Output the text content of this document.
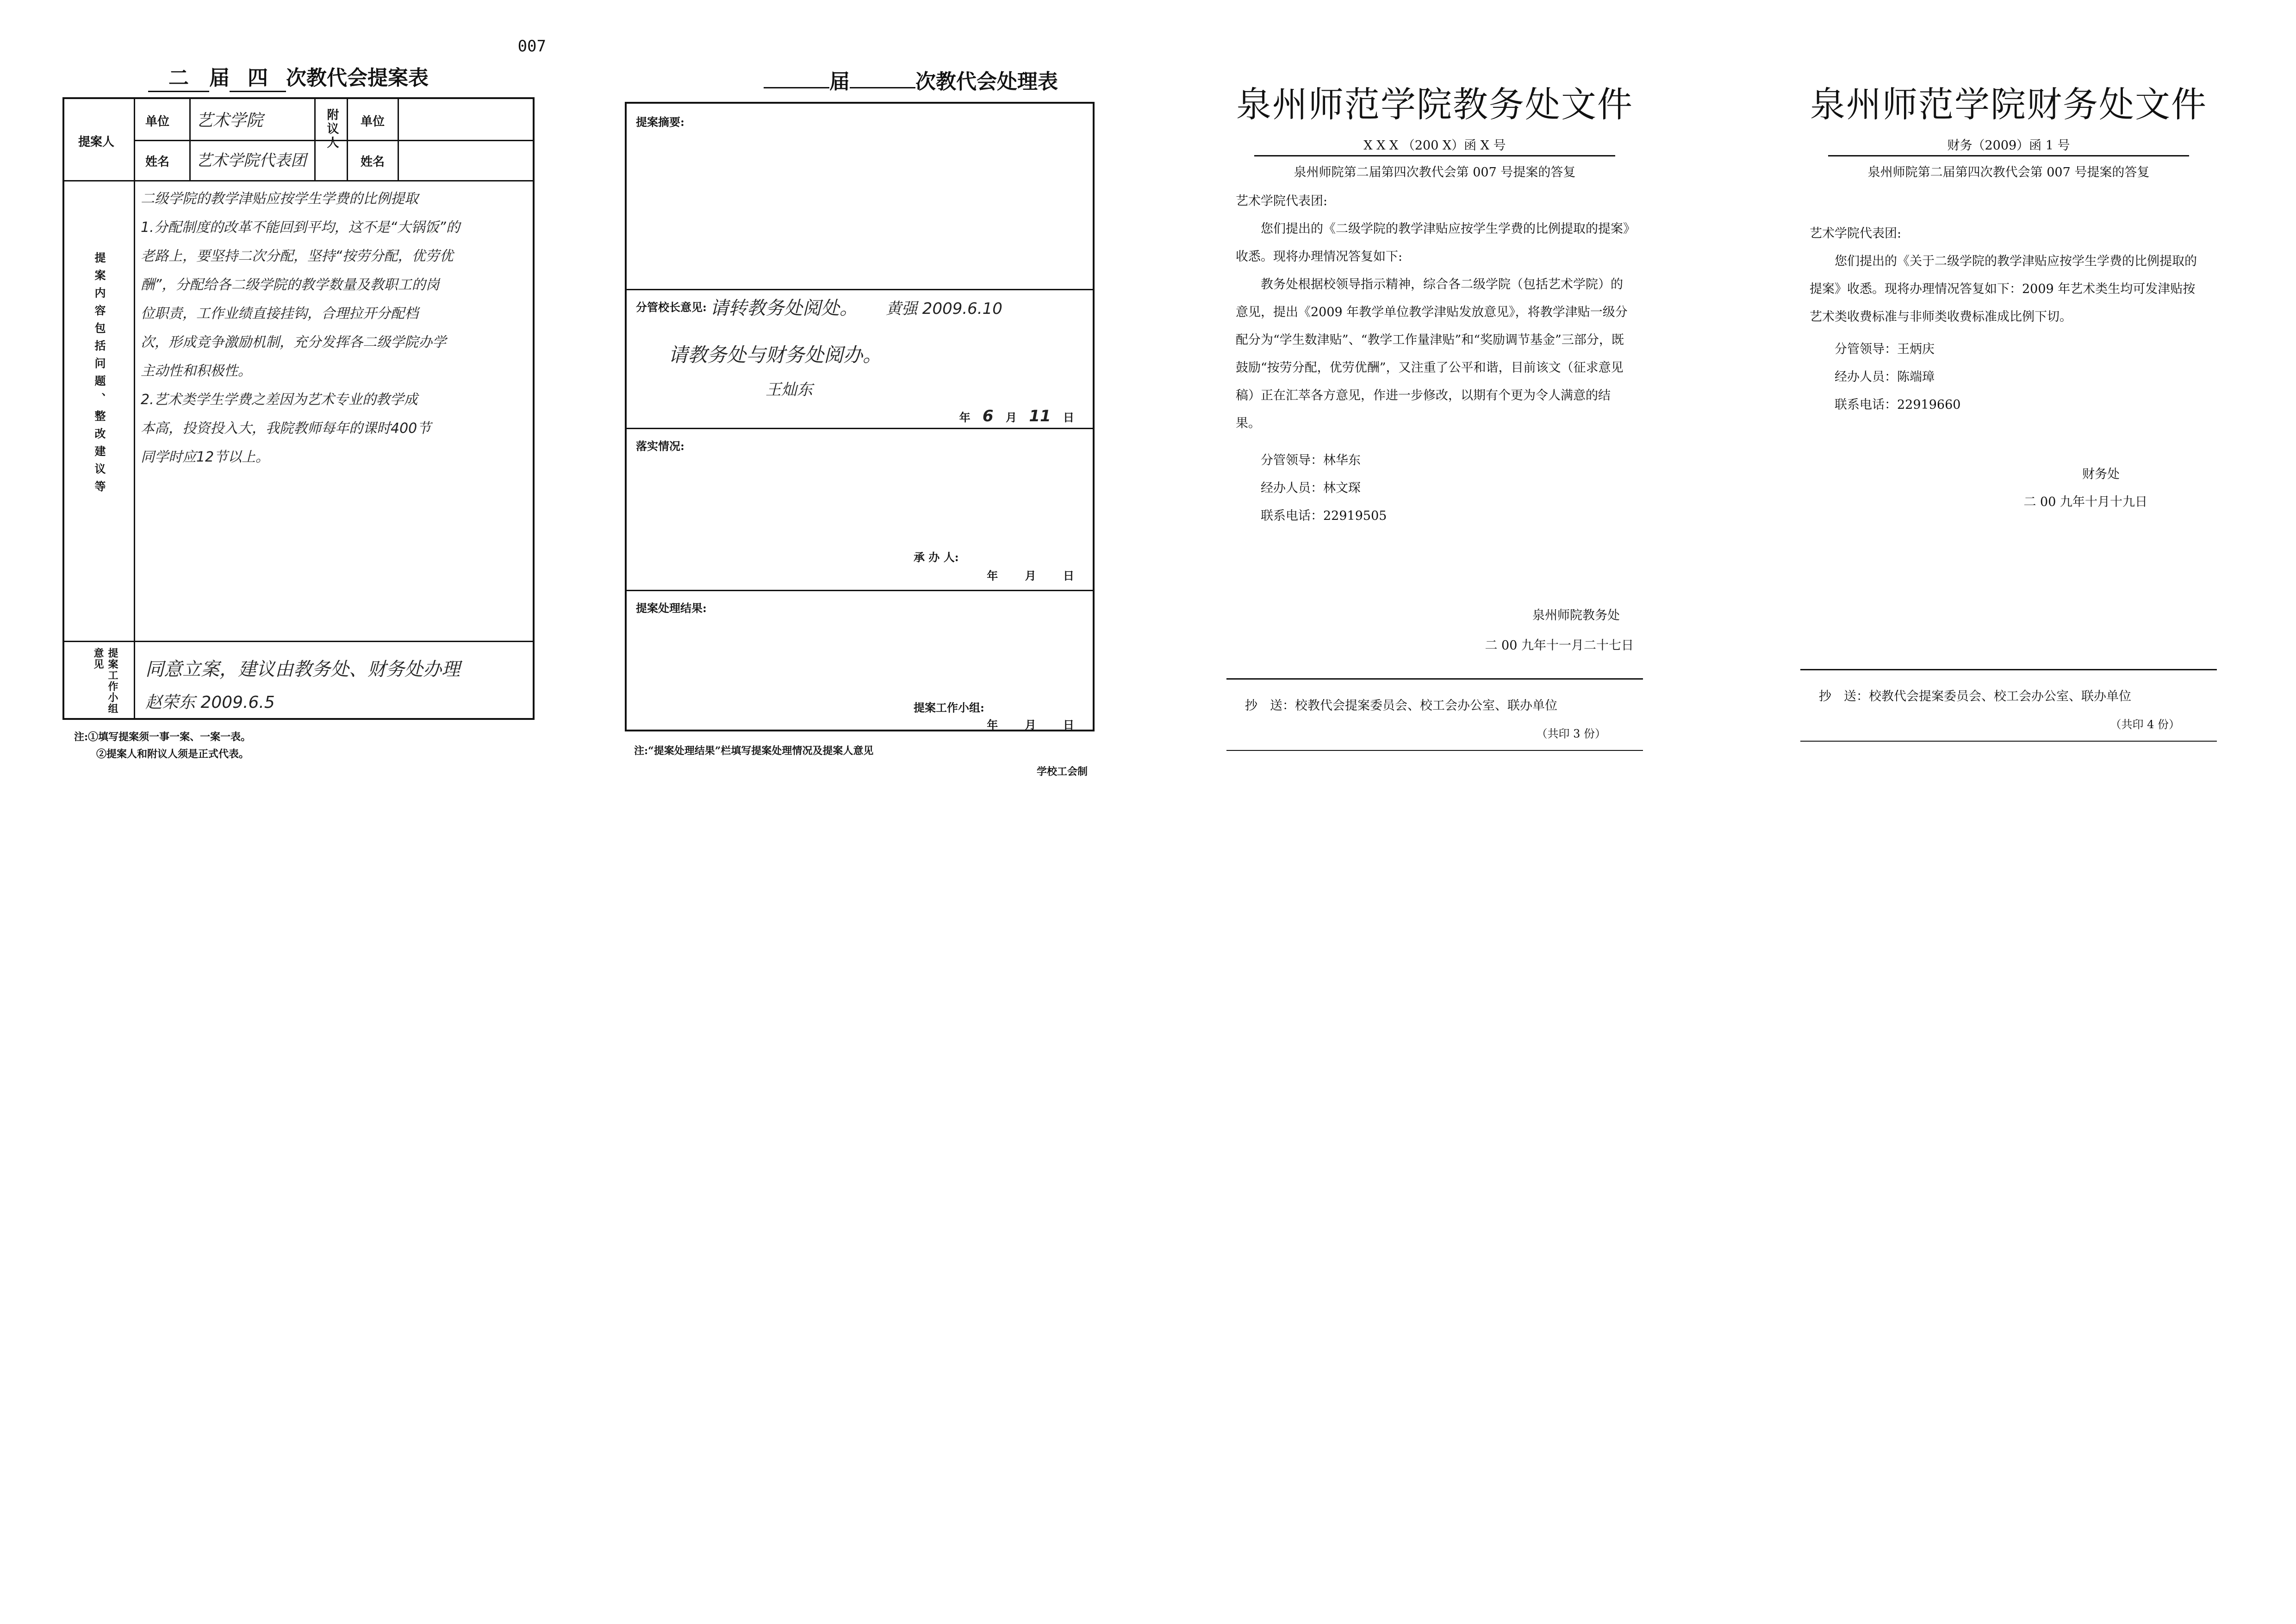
007
二 届 四 次教代会提案表
提案人
单位 艺术学院
姓名 艺术学院代表团
附议人 单位
姓名
提案内容包括问题、整改建议等
二级学院的教学津贴应按学生学费的比例提取
1.分配制度的改革不能回到平均，这不是“大锅饭”的
老路上，要坚持二次分配，坚持“按劳分配，优劳优
酬”，分配给各二级学院的教学数量及教职工的岗
位职责，工作业绩直接挂钩，合理拉开分配档
次，形成竞争激励机制，充分发挥各二级学院办学
主动性和积极性。
2.艺术类学生学费之差因为艺术专业的教学成
本高，投资投入大，我院教师每年的课时400节
同学时应12节以上。
提案工作小组意见	同意立案，建议由教务处、财务处办理
赵荣东 2009.6.5
注:①填写提案须一事一案、一案一表。
②提案人和附议人须是正式代表。
届	次教代会处理表
提案摘要:
分管校长意见: 请转教务处阅处。 黄强 2009.6.10
请教务处与财务处阅办。
王灿东
年 6 月 11 日
落实情况:
承 办 人:
年 月 日
提案处理结果:
提案工作小组:
年 月 日
注:“提案处理结果”栏填写提案处理情况及提案人意见
学校工会制
泉州师范学院教务处文件
X X X （200 X）函 X 号
泉州师院第二届第四次教代会第 007 号提案的答复
艺术学院代表团:
您们提出的《二级学院的教学津贴应按学生学费的比例提取的提案》收悉。现将办理情况答复如下:
教务处根据校领导指示精神，综合各二级学院（包括艺术学院）的意见，提出《2009 年教学单位教学津贴发放意见》，将教学津贴一级分配分为“学生数津贴”、“教学工作量津贴”和“奖励调节基金”三部分，既鼓励“按劳分配，优劳优酬”，又注重了公平和谐，目前该文（征求意见稿）正在汇萃各方意见，作进一步修改，以期有个更为令人满意的结果。
分管领导：林华东
经办人员：林文琛
联系电话：22919505
泉州师院教务处
二 00 九年十一月二十七日
抄　送：校教代会提案委员会、校工会办公室、联办单位
（共印 3 份）
泉州师范学院财务处文件
财务（2009）函 1 号
泉州师院第二届第四次教代会第 007 号提案的答复
艺术学院代表团:
您们提出的《关于二级学院的教学津贴应按学生学费的比例提取的提案》收悉。现将办理情况答复如下：2009 年艺术类生均可发津贴按艺术类收费标准与非师类收费标准成比例下切。
分管领导：王炳庆
经办人员：陈端璋
联系电话：22919660
财务处
二 00 九年十月十九日
抄　送：校教代会提案委员会、校工会办公室、联办单位
（共印 4 份）
